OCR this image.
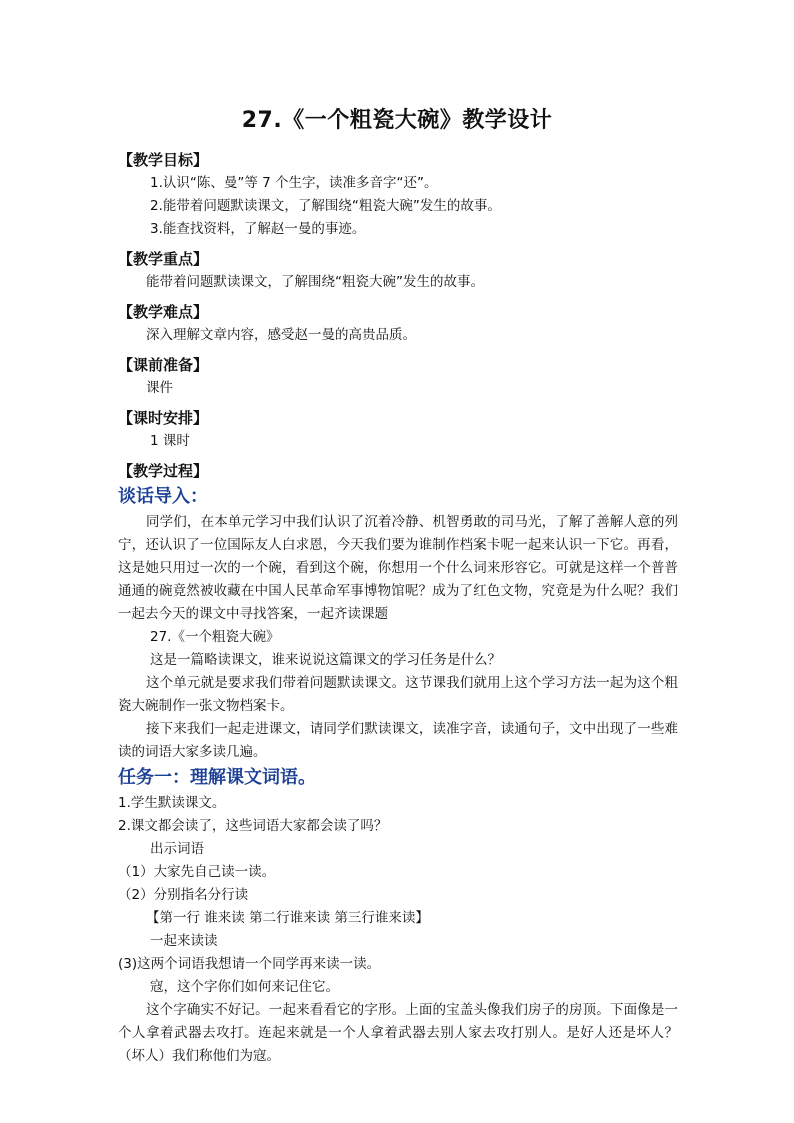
27.《一个粗瓷大碗》教学设计
【教学目标】
1.认识“陈、曼”等 7 个生字，读准多音字“还”。
2.能带着问题默读课文，了解围绕“粗瓷大碗”发生的故事。
3.能查找资料，了解赵一曼的事迹。
【教学重点】
能带着问题默读课文，了解围绕“粗瓷大碗”发生的故事。
【教学难点】
深入理解文章内容，感受赵一曼的高贵品质。
【课前准备】
课件
【课时安排】
1 课时
【教学过程】
谈话导入：
同学们，在本单元学习中我们认识了沉着冷静、机智勇敢的司马光，了解了善解人意的列宁，还认识了一位国际友人白求恩，今天我们要为谁制作档案卡呢一起来认识一下它。再看，这是她只用过一次的一个碗，看到这个碗，你想用一个什么词来形容它。可就是这样一个普普通通的碗竟然被收藏在中国人民革命军事博物馆呢？成为了红色文物，究竟是为什么呢？我们一起去今天的课文中寻找答案，一起齐读课题
27.《一个粗瓷大碗》
这是一篇略读课文，谁来说说这篇课文的学习任务是什么？
这个单元就是要求我们带着问题默读课文。这节课我们就用上这个学习方法一起为这个粗瓷大碗制作一张文物档案卡。
接下来我们一起走进课文，请同学们默读课文，读准字音，读通句子，文中出现了一些难读的词语大家多读几遍。
任务一：理解课文词语。
1.学生默读课文。
2.课文都会读了，这些词语大家都会读了吗？
出示词语
（1）大家先自己读一读。
（2）分别指名分行读
【第一行 谁来读 第二行谁来读 第三行谁来读】
一起来读读
(3)这两个词语我想请一个同学再来读一读。
寇，这个字你们如何来记住它。
这个字确实不好记。一起来看看它的字形。上面的宝盖头像我们房子的房顶。下面像是一个人拿着武器去攻打。连起来就是一个人拿着武器去别人家去攻打别人。是好人还是坏人？（坏人）我们称他们为寇。
